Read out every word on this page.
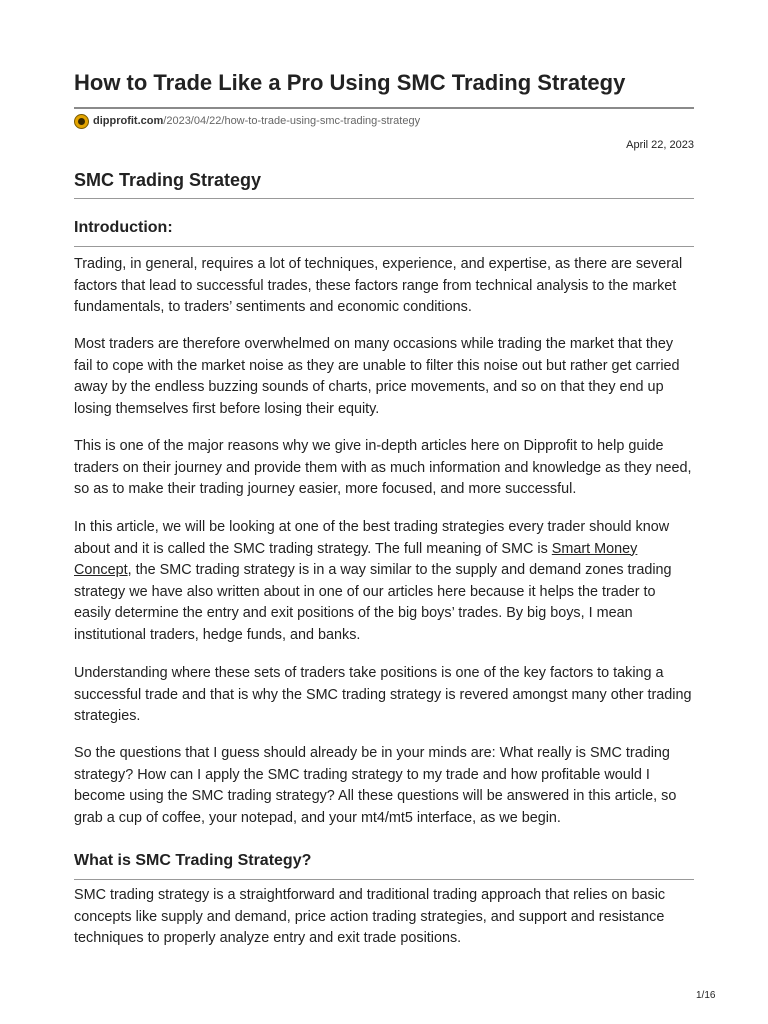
How to Trade Like a Pro Using SMC Trading Strategy
dipprofit.com /2023/04/22/how-to-trade-using-smc-trading-strategy
April 22, 2023
SMC Trading Strategy
Introduction:

Trading, in general, requires a lot of techniques, experience, and expertise, as there are several factors that lead to successful trades, these factors range from technical analysis to the market fundamentals, to traders’ sentiments and economic conditions.

Most traders are therefore overwhelmed on many occasions while trading the market that they fail to cope with the market noise as they are unable to filter this noise out but rather get carried away by the endless buzzing sounds of charts, price movements, and so on that they end up losing themselves first before losing their equity.

This is one of the major reasons why we give in-depth articles here on Dipprofit to help guide traders on their journey and provide them with as much information and knowledge as they need, so as to make their trading journey easier, more focused, and more successful.

In this article, we will be looking at one of the best trading strategies every trader should know about and it is called the SMC trading strategy. The full meaning of SMC is Smart Money Concept, the SMC trading strategy is in a way similar to the supply and demand zones trading strategy we have also written about in one of our articles here because it helps the trader to easily determine the entry and exit positions of the big boys’ trades. By big boys, I mean institutional traders, hedge funds, and banks.

Understanding where these sets of traders take positions is one of the key factors to taking a successful trade and that is why the SMC trading strategy is revered amongst many other trading strategies.

So the questions that I guess should already be in your minds are: What really is SMC trading strategy? How can I apply the SMC trading strategy to my trade and how profitable would I become using the SMC trading strategy? All these questions will be answered in this article, so grab a cup of coffee, your notepad, and your mt4/mt5 interface, as we begin.

What is SMC Trading Strategy?

SMC trading strategy is a straightforward and traditional trading approach that relies on basic concepts like supply and demand, price action trading strategies, and support and resistance techniques to properly analyze entry and exit trade positions.

1/16
